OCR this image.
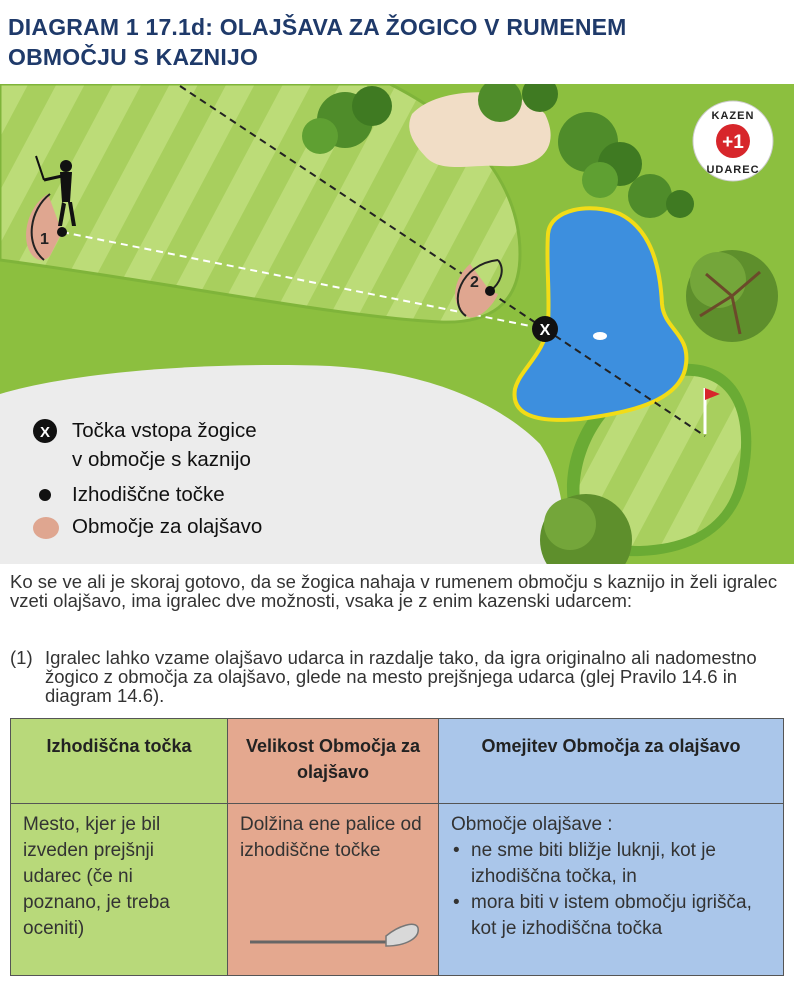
DIAGRAM 1 17.1d: OLAJŠAVA ZA ŽOGICO V RUMENEM
OBMOČJU S KAZNIJO
1
2
X
+1
KAZEN
UDAREC
X Točka vstopa žogice
v območje s kaznijo
Izhodiščne točke
Območje za olajšavo
Ko se ve ali je skoraj gotovo, da se žogica nahaja v rumenem območju s kaznijo in želi igralec vzeti olajšavo, ima igralec dve možnosti, vsaka je z enim kazenski udarcem:
(1) Igralec lahko vzame olajšavo udarca in razdalje tako, da igra originalno ali nadomestno žogico z območja za olajšavo, glede na mesto prejšnjega udarca (glej Pravilo 14.6 in diagram 14.6).
Izhodiščna točka	Velikost Območja za olajšavo
Omejitev Območja za olajšavo
Mesto, kjer je bil izveden prejšnji udarec (če ni poznano, je treba oceniti)
Dolžina ene palice od izhodiščne točke
Območje olajšave :
• ne sme biti bližje luknji, kot je izhodiščna točka, in
• mora biti v istem območju igrišča, kot je izhodiščna točka
